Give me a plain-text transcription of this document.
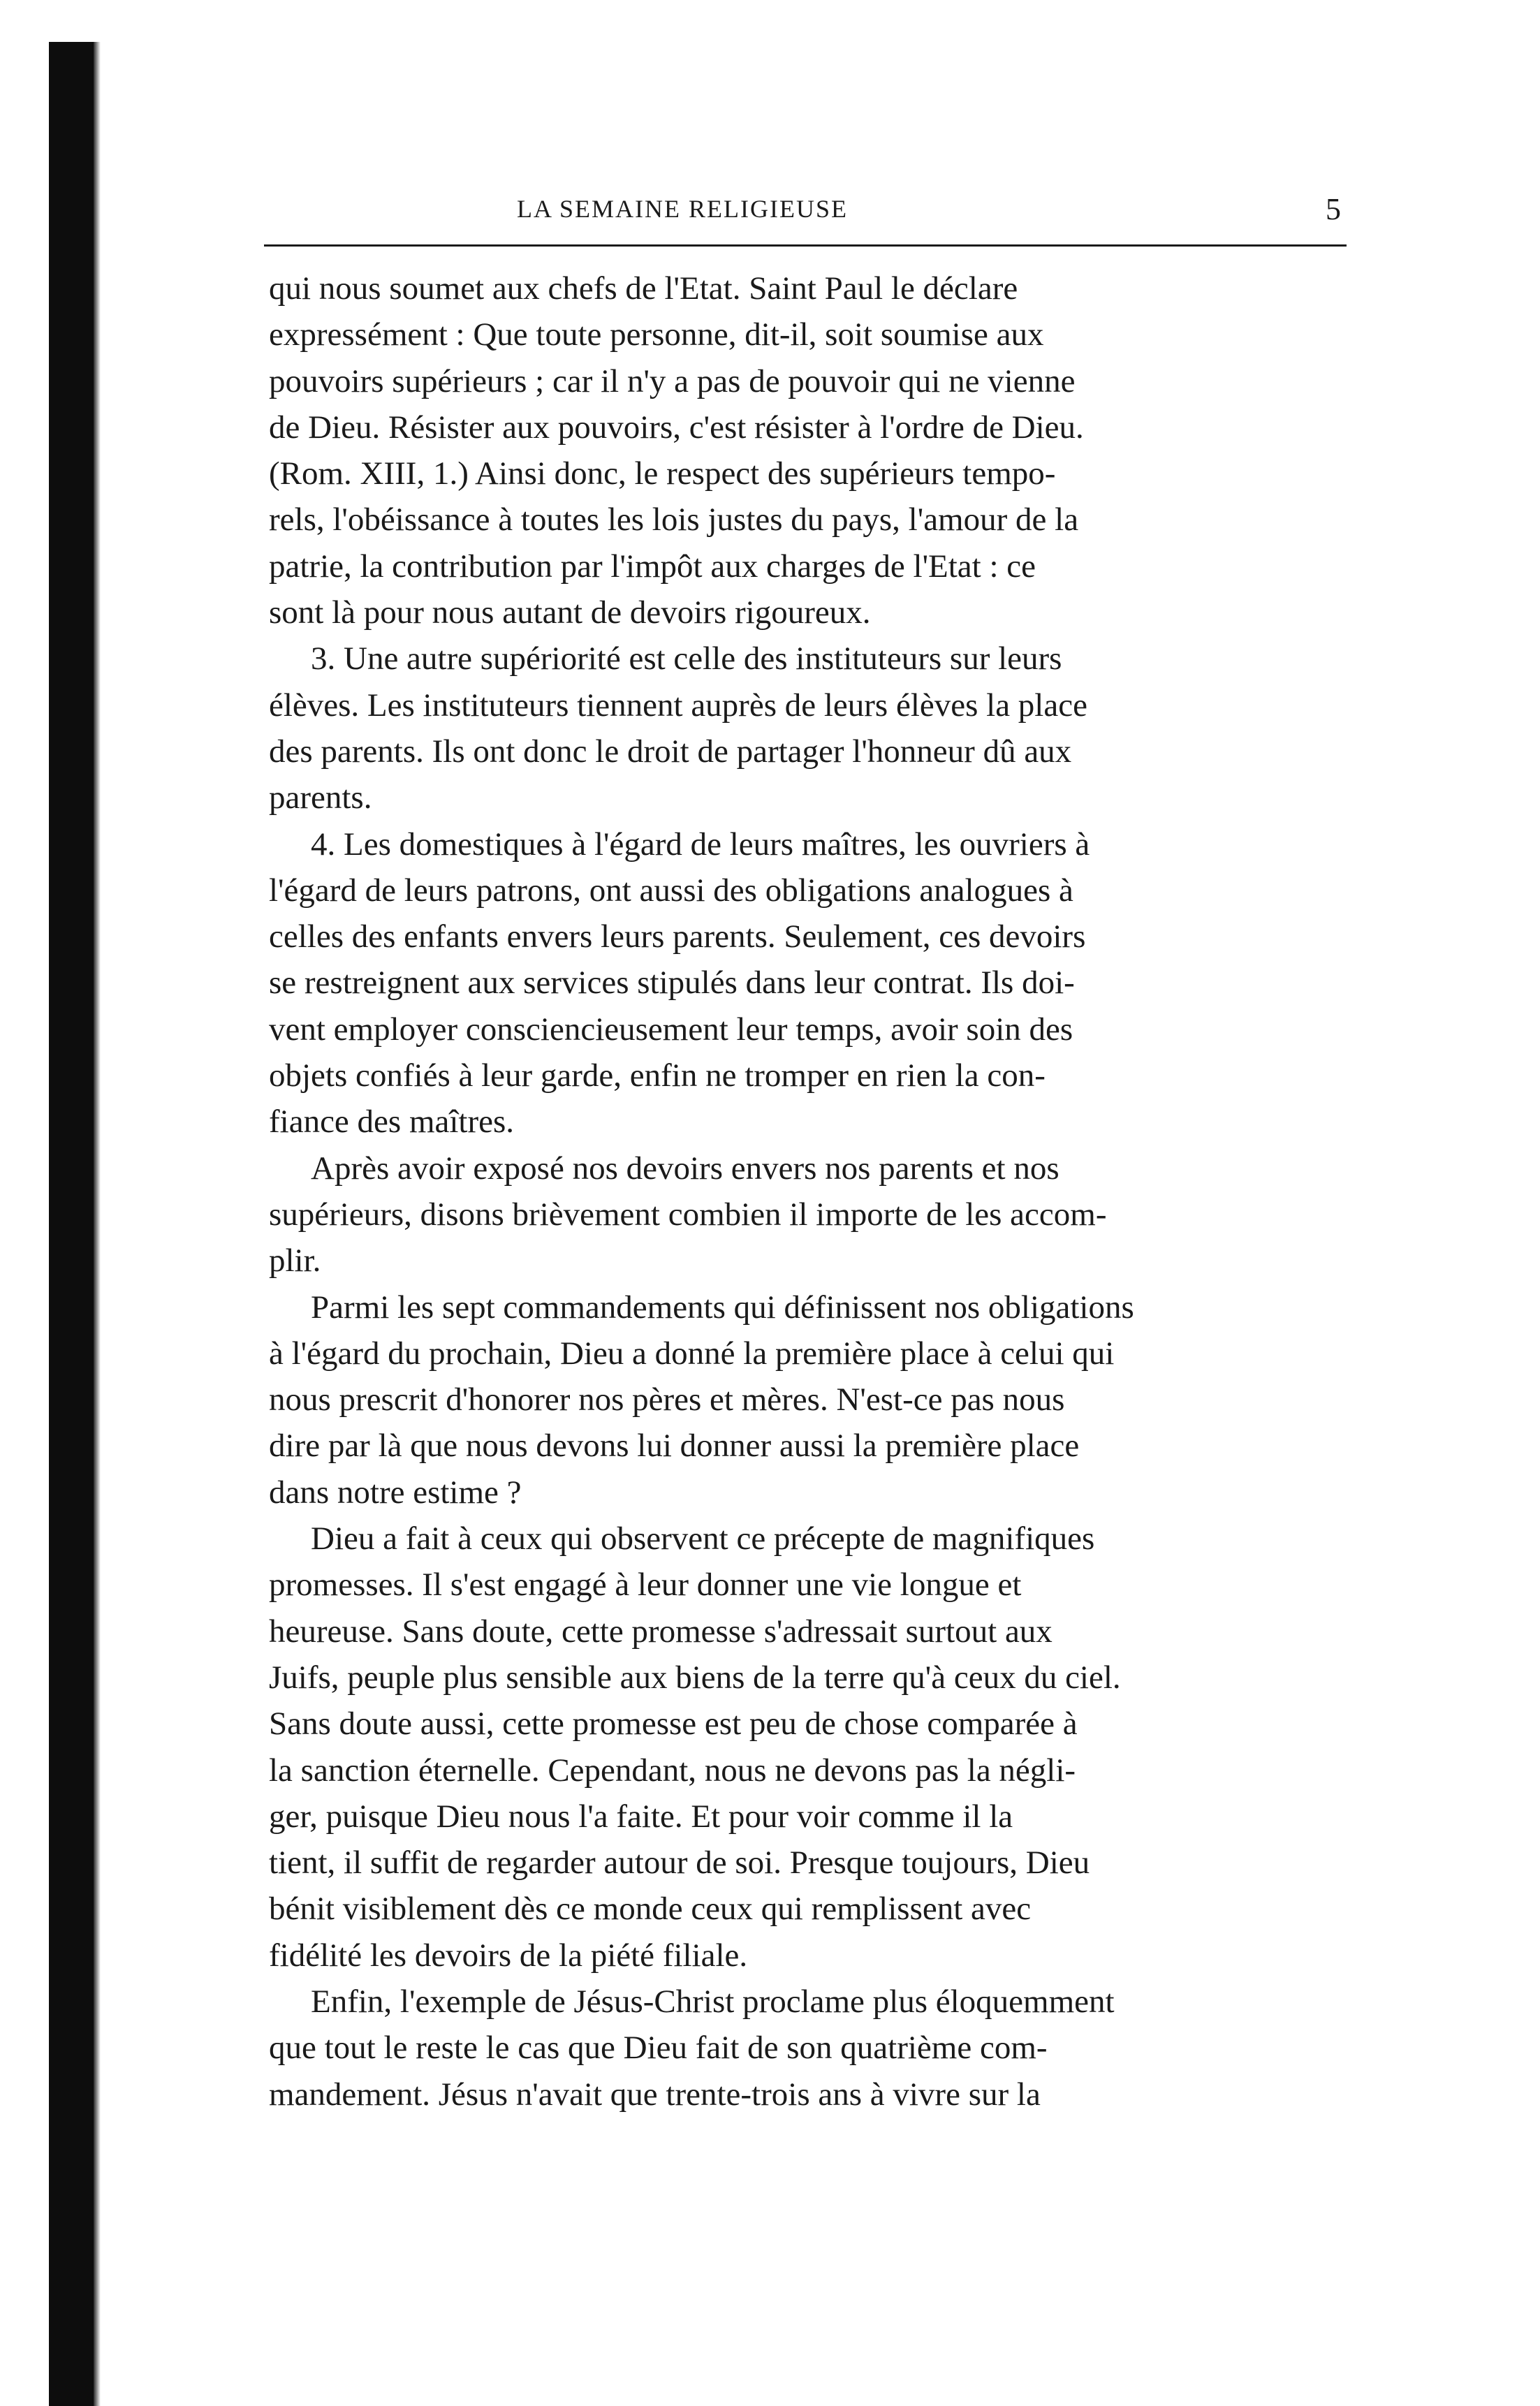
LA SEMAINE RELIGIEUSE	5
qui nous soumet aux chefs de l'Etat. Saint Paul le déclare
expressément : Que toute personne, dit-il, soit soumise aux
pouvoirs supérieurs ; car il n'y a pas de pouvoir qui ne vienne
de Dieu. Résister aux pouvoirs, c'est résister à l'ordre de Dieu.
(Rom. XIII, 1.) Ainsi donc, le respect des supérieurs tempo-
rels, l'obéissance à toutes les lois justes du pays, l'amour de la
patrie, la contribution par l'impôt aux charges de l'Etat : ce
sont là pour nous autant de devoirs rigoureux.
3. Une autre supériorité est celle des instituteurs sur leurs
élèves. Les instituteurs tiennent auprès de leurs élèves la place
des parents. Ils ont donc le droit de partager l'honneur dû aux
parents.
4. Les domestiques à l'égard de leurs maîtres, les ouvriers à
l'égard de leurs patrons, ont aussi des obligations analogues à
celles des enfants envers leurs parents. Seulement, ces devoirs
se restreignent aux services stipulés dans leur contrat. Ils doi-
vent employer consciencieusement leur temps, avoir soin des
objets confiés à leur garde, enfin ne tromper en rien la con-
fiance des maîtres.
Après avoir exposé nos devoirs envers nos parents et nos
supérieurs, disons brièvement combien il importe de les accom-
plir.
Parmi les sept commandements qui définissent nos obligations
à l'égard du prochain, Dieu a donné la première place à celui qui
nous prescrit d'honorer nos pères et mères. N'est-ce pas nous
dire par là que nous devons lui donner aussi la première place
dans notre estime ?
Dieu a fait à ceux qui observent ce précepte de magnifiques
promesses. Il s'est engagé à leur donner une vie longue et
heureuse. Sans doute, cette promesse s'adressait surtout aux
Juifs, peuple plus sensible aux biens de la terre qu'à ceux du ciel.
Sans doute aussi, cette promesse est peu de chose comparée à
la sanction éternelle. Cependant, nous ne devons pas la négli-
ger, puisque Dieu nous l'a faite. Et pour voir comme il la
tient, il suffit de regarder autour de soi. Presque toujours, Dieu
bénit visiblement dès ce monde ceux qui remplissent avec
fidélité les devoirs de la piété filiale.
Enfin, l'exemple de Jésus-Christ proclame plus éloquemment
que tout le reste le cas que Dieu fait de son quatrième com-
mandement. Jésus n'avait que trente-trois ans à vivre sur la
